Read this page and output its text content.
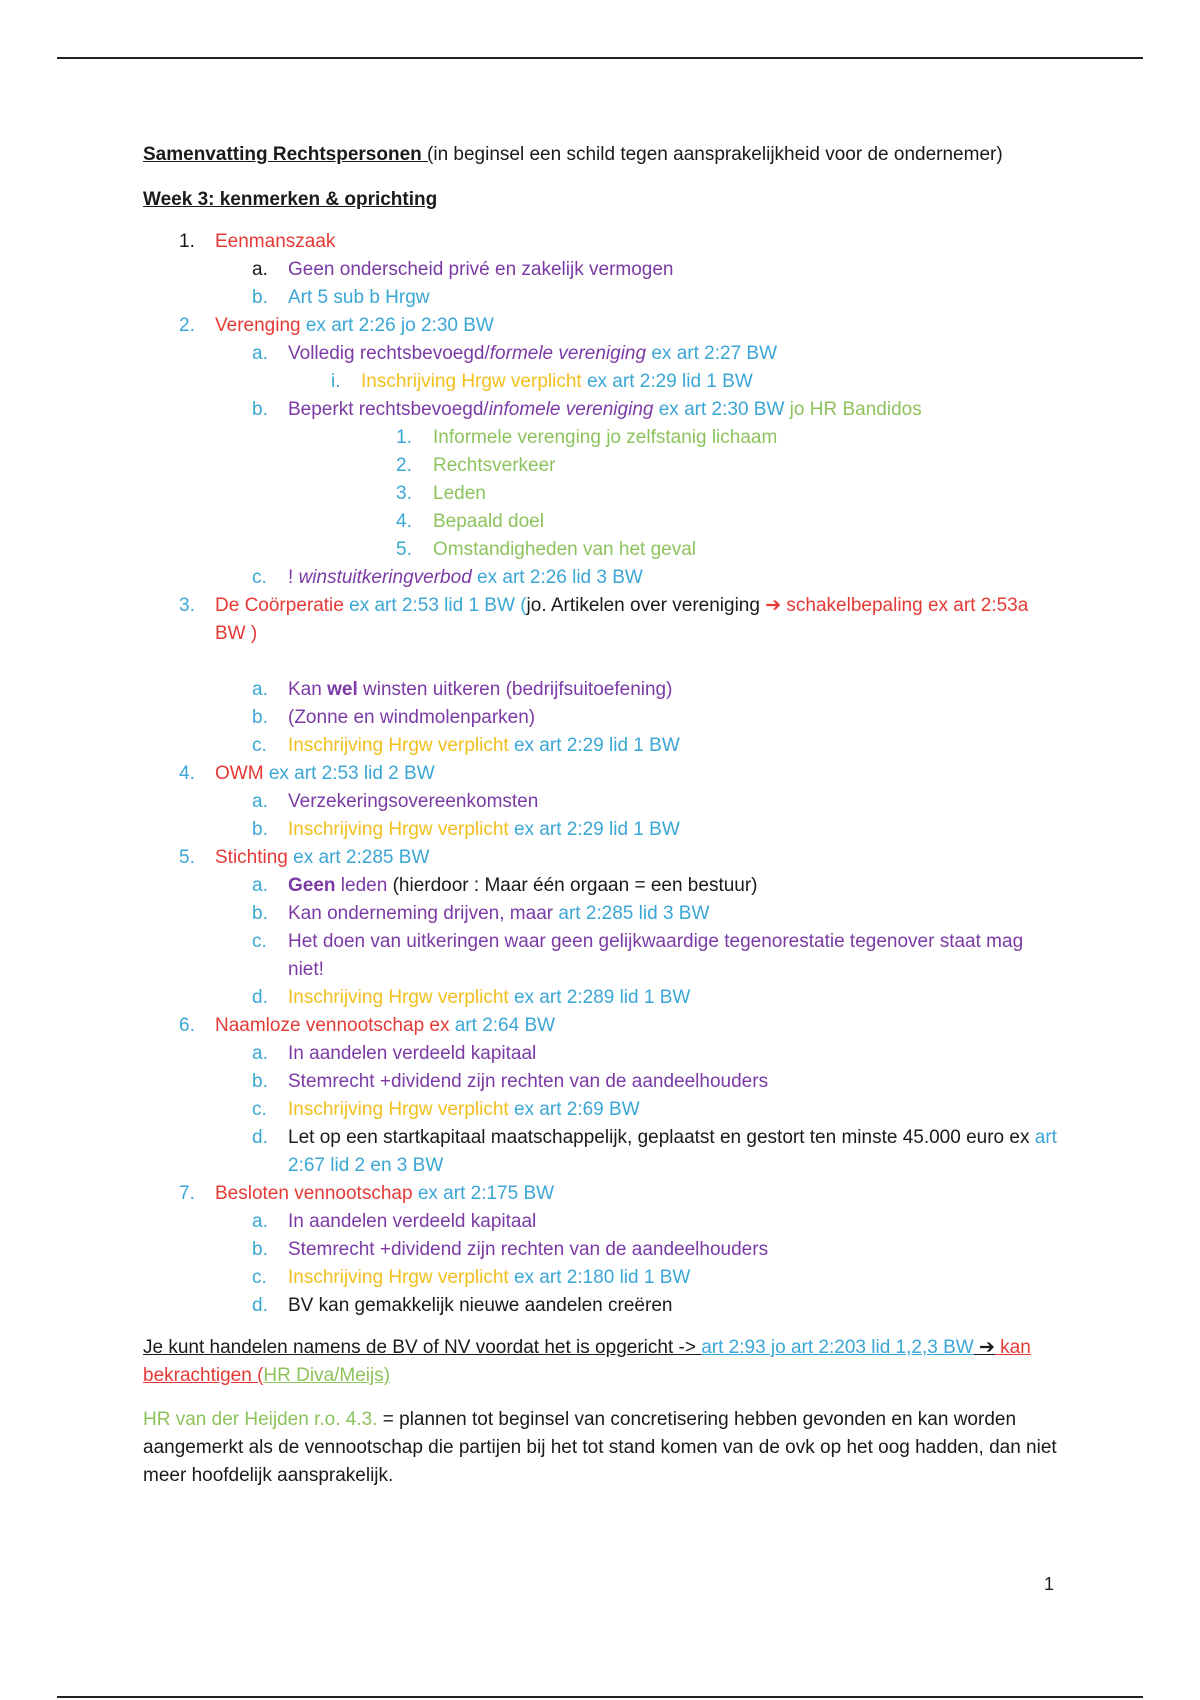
Samenvatting Rechtspersonen (in beginsel een schild tegen aansprakelijkheid voor de ondernemer)

Week 3: kenmerken & oprichting

1. Eenmanszaak
a. Geen onderscheid privé en zakelijk vermogen
b. Art 5 sub b Hrgw
2. Verenging ex art 2:26 jo 2:30 BW
a. Volledig rechtsbevoegd/formele vereniging ex art 2:27 BW
i. Inschrijving Hrgw verplicht ex art 2:29 lid 1 BW
b. Beperkt rechtsbevoegd/infomele vereniging ex art 2:30 BW jo HR Bandidos
1. Informele verenging jo zelfstanig lichaam
2. Rechtsverkeer
3. Leden
4. Bepaald doel
5. Omstandigheden van het geval
c. ! winstuitkeringverbod ex art 2:26 lid 3 BW
3. De Coörperatie ex art 2:53 lid 1 BW (jo. Artikelen over vereniging ➔ schakelbepaling ex art 2:53a BW )
a. Kan wel winsten uitkeren (bedrijfsuitoefening)
b. (Zonne en windmolenparken)
c. Inschrijving Hrgw verplicht ex art 2:29 lid 1 BW
4. OWM ex art 2:53 lid 2 BW
a. Verzekeringsovereenkomsten
b. Inschrijving Hrgw verplicht ex art 2:29 lid 1 BW
5. Stichting ex art 2:285 BW
a. Geen leden (hierdoor : Maar één orgaan = een bestuur)
b. Kan onderneming drijven, maar art 2:285 lid 3 BW
c. Het doen van uitkeringen waar geen gelijkwaardige tegenorestatie tegenover staat mag niet!
d. Inschrijving Hrgw verplicht ex art 2:289 lid 1 BW
6. Naamloze vennootschap ex art 2:64 BW
a. In aandelen verdeeld kapitaal
b. Stemrecht +dividend zijn rechten van de aandeelhouders
c. Inschrijving Hrgw verplicht ex art 2:69 BW
d. Let op een startkapitaal maatschappelijk, geplaatst en gestort ten minste 45.000 euro ex art 2:67 lid 2 en 3 BW
7. Besloten vennootschap ex art 2:175 BW
a. In aandelen verdeeld kapitaal
b. Stemrecht +dividend zijn rechten van de aandeelhouders
c. Inschrijving Hrgw verplicht ex art 2:180 lid 1 BW
d. BV kan gemakkelijk nieuwe aandelen creëren

Je kunt handelen namens de BV of NV voordat het is opgericht -> art 2:93 jo art 2:203 lid 1,2,3 BW ➔ kan bekrachtigen (HR Diva/Meijs)

HR van der Heijden r.o. 4.3. = plannen tot beginsel van concretisering hebben gevonden en kan worden aangemerkt als de vennootschap die partijen bij het tot stand komen van de ovk op het oog hadden, dan niet meer hoofdelijk aansprakelijk.

1
